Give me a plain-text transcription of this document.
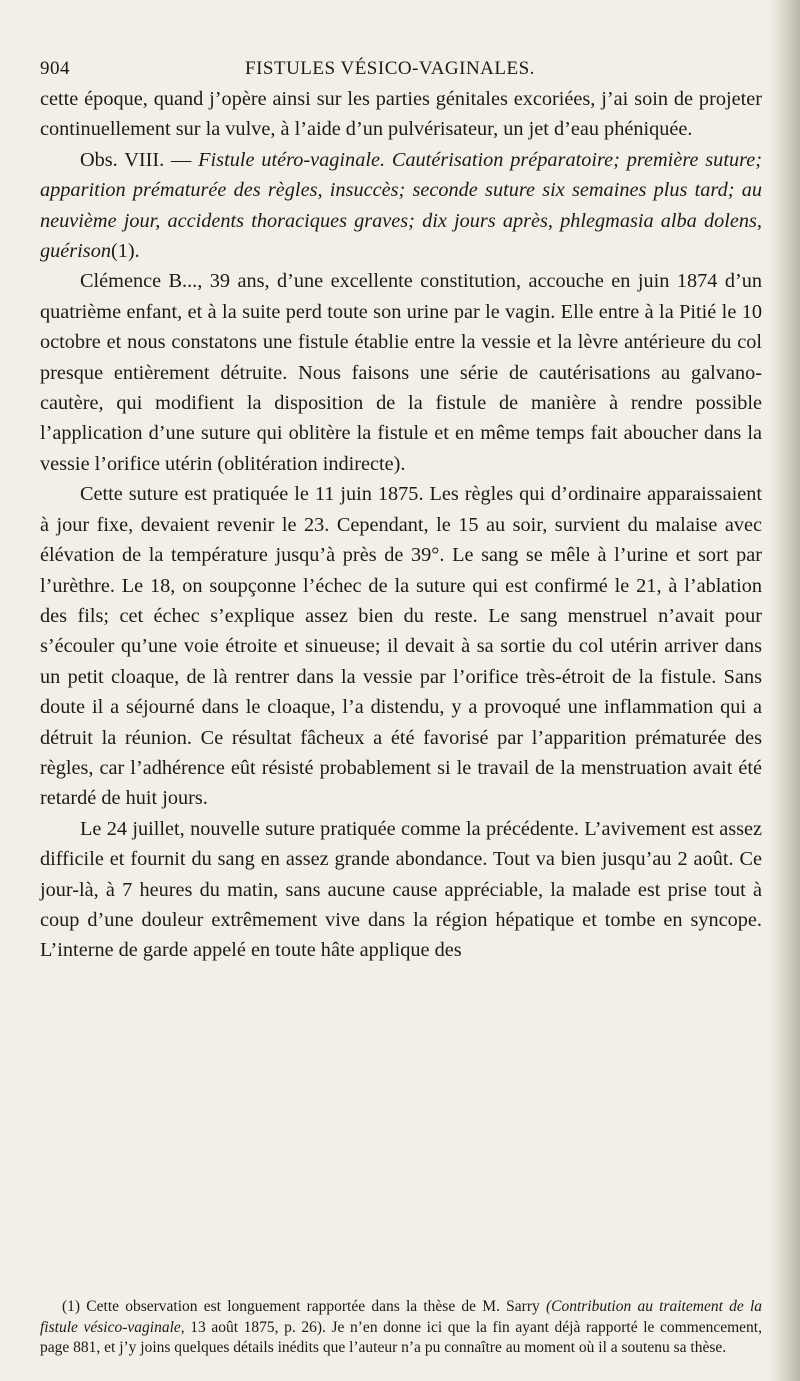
904	FISTULES VÉSICO-VAGINALES.

cette époque, quand j’opère ainsi sur les parties génitales excoriées, j’ai soin de projeter continuellement sur la vulve, à l’aide d’un pulvérisateur, un jet d’eau phéniquée.

Obs. VIII. — Fistule utéro-vaginale. Cautérisation préparatoire; première suture; apparition prématurée des règles, insuccès; seconde suture six semaines plus tard; au neuvième jour, accidents thoraciques graves; dix jours après, phlegmasia alba dolens, guérison(1).

Clémence B..., 39 ans, d’une excellente constitution, accouche en juin 1874 d’un quatrième enfant, et à la suite perd toute son urine par le vagin. Elle entre à la Pitié le 10 octobre et nous constatons une fistule établie entre la vessie et la lèvre antérieure du col presque entièrement détruite. Nous faisons une série de cautérisations au galvano-cautère, qui modifient la disposition de la fistule de manière à rendre possible l’application d’une suture qui oblitère la fistule et en même temps fait aboucher dans la vessie l’orifice utérin (oblitération indirecte).

Cette suture est pratiquée le 11 juin 1875. Les règles qui d’ordinaire apparaissaient à jour fixe, devaient revenir le 23. Cependant, le 15 au soir, survient du malaise avec élévation de la température jusqu’à près de 39°. Le sang se mêle à l’urine et sort par l’urèthre. Le 18, on soupçonne l’échec de la suture qui est confirmé le 21, à l’ablation des fils; cet échec s’explique assez bien du reste. Le sang menstruel n’avait pour s’écouler qu’une voie étroite et sinueuse; il devait à sa sortie du col utérin arriver dans un petit cloaque, de là rentrer dans la vessie par l’orifice très-étroit de la fistule. Sans doute il a séjourné dans le cloaque, l’a distendu, y a provoqué une inflammation qui a détruit la réunion. Ce résultat fâcheux a été favorisé par l’apparition prématurée des règles, car l’adhérence eût résisté probablement si le travail de la menstruation avait été retardé de huit jours.

Le 24 juillet, nouvelle suture pratiquée comme la précédente. L’avivement est assez difficile et fournit du sang en assez grande abondance. Tout va bien jusqu’au 2 août. Ce jour-là, à 7 heures du matin, sans aucune cause appréciable, la malade est prise tout à coup d’une douleur extrêmement vive dans la région hépatique et tombe en syncope. L’interne de garde appelé en toute hâte applique des

(1) Cette observation est longuement rapportée dans la thèse de M. Sarry (Contribution au traitement de la fistule vésico-vaginale, 13 août 1875, p. 26). Je n’en donne ici que la fin ayant déjà rapporté le commencement, page 881, et j’y joins quelques détails inédits que l’auteur n’a pu connaître au moment où il a soutenu sa thèse.
